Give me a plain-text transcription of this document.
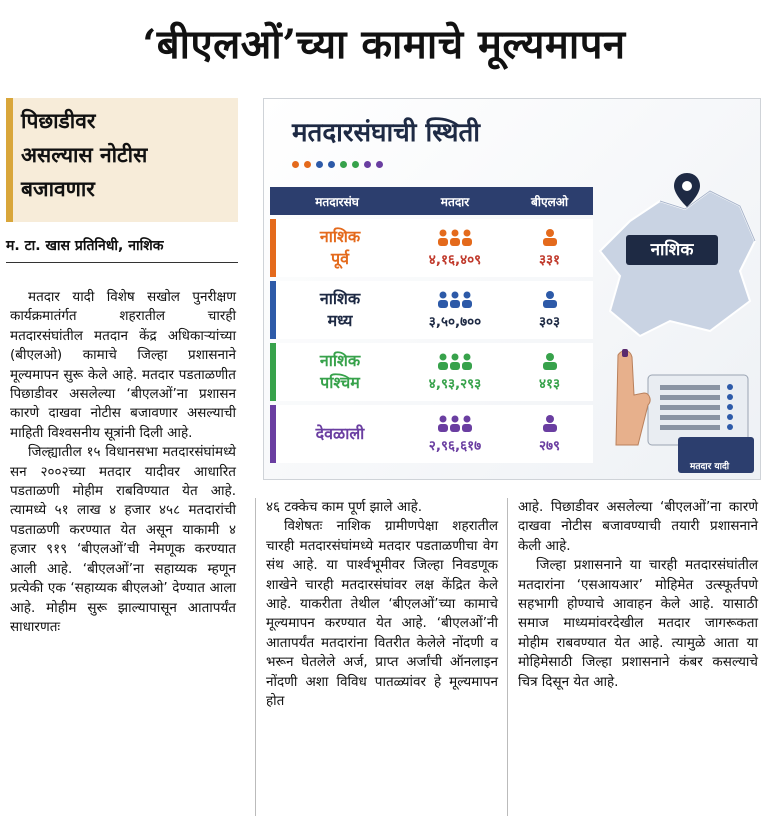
‘बीएलओं’च्या कामाचे मूल्यमापन
पिछाडीवर
असल्यास नोटीस
बजावणार
म. टा. खास प्रतिनिधी, नाशिक

मतदार यादी विशेष सखोल पुनरीक्षण कार्यक्रमातंर्गत शहरातील चारही मतदारसंघांतील मतदान केंद्र अधिकाऱ्यांच्या (बीएलओ) कामाचे जिल्हा प्रशासनाने मूल्यमापन सुरू केले आहे. मतदार पडताळणीत पिछाडीवर असलेल्या ‘बीएलओं’ना प्रशासन कारणे दाखवा नोटीस बजावणार असल्याची माहिती विश्वसनीय सूत्रांनी दिली आहे.

जिल्ह्यातील १५ विधानसभा मतदारसंघांमध्ये सन २००२च्या मतदार यादीवर आधारित पडताळणी मोहीम राबविण्यात येत आहे. त्यामध्ये ५१ लाख ४ हजार ४५८ मतदारांची पडताळणी करण्यात येत असून याकामी ४ हजार ९१९ ‘बीएलओं’ची नेमणूक करण्यात आली आहे. ‘बीएलओं’ना सहाय्यक म्हणून प्रत्येकी एक ‘सहाय्यक बीएलओ’ देण्यात आला आहे. मोहीम सुरू झाल्यापासून आतापर्यंत साधारणतः

४६ टक्केच काम पूर्ण झाले आहे.

विशेषतः नाशिक ग्रामीणपेक्षा शहरातील चारही मतदारसंघांमध्ये मतदार पडताळणीचा वेग संथ आहे. या पार्श्वभूमीवर जिल्हा निवडणूक शाखेने चारही मतदारसंघांवर लक्ष केंद्रित केले आहे. याकरीता तेथील ‘बीएलओं’च्या कामाचे मूल्यमापन करण्यात येत आहे. ‘बीएलओं’नी आतापर्यंत मतदारांना वितरीत केलेले नोंदणी व भरून घेतलेले अर्ज, प्राप्त अर्जांची ऑनलाइन नोंदणी अशा विविध पातळ्यांवर हे मूल्यमापन होत

आहे. पिछाडीवर असलेल्या ‘बीएलओं’ना कारणे दाखवा नोटीस बजावण्याची तयारी प्रशासनाने केली आहे.

जिल्हा प्रशासनाने या चारही मतदारसंघांतील मतदारांना ‘एसआयआर’ मोहिमेत उत्स्फूर्तपणे सहभागी होण्याचे आवाहन केले आहे. यासाठी समाज माध्यमांवरदेखील मतदार जागरूकता मोहीम राबवण्यात येत आहे. त्यामुळे आता या मोहिमेसाठी जिल्हा प्रशासनाने कंबर कसल्याचे चित्र दिसून येत आहे.

मतदारसंघाची स्थिती
नाशिक
मतदार यादी
मतदारसंघ	मतदार	बीएलओ

नाशिक
पूर्व	४,१६,४०९	३३१

नाशिक
मध्य	३,५०,७००	३०३

नाशिक
पश्चिम	४,९३,२९३	४१३

देवळाली	२,९६,६१७	२७९
